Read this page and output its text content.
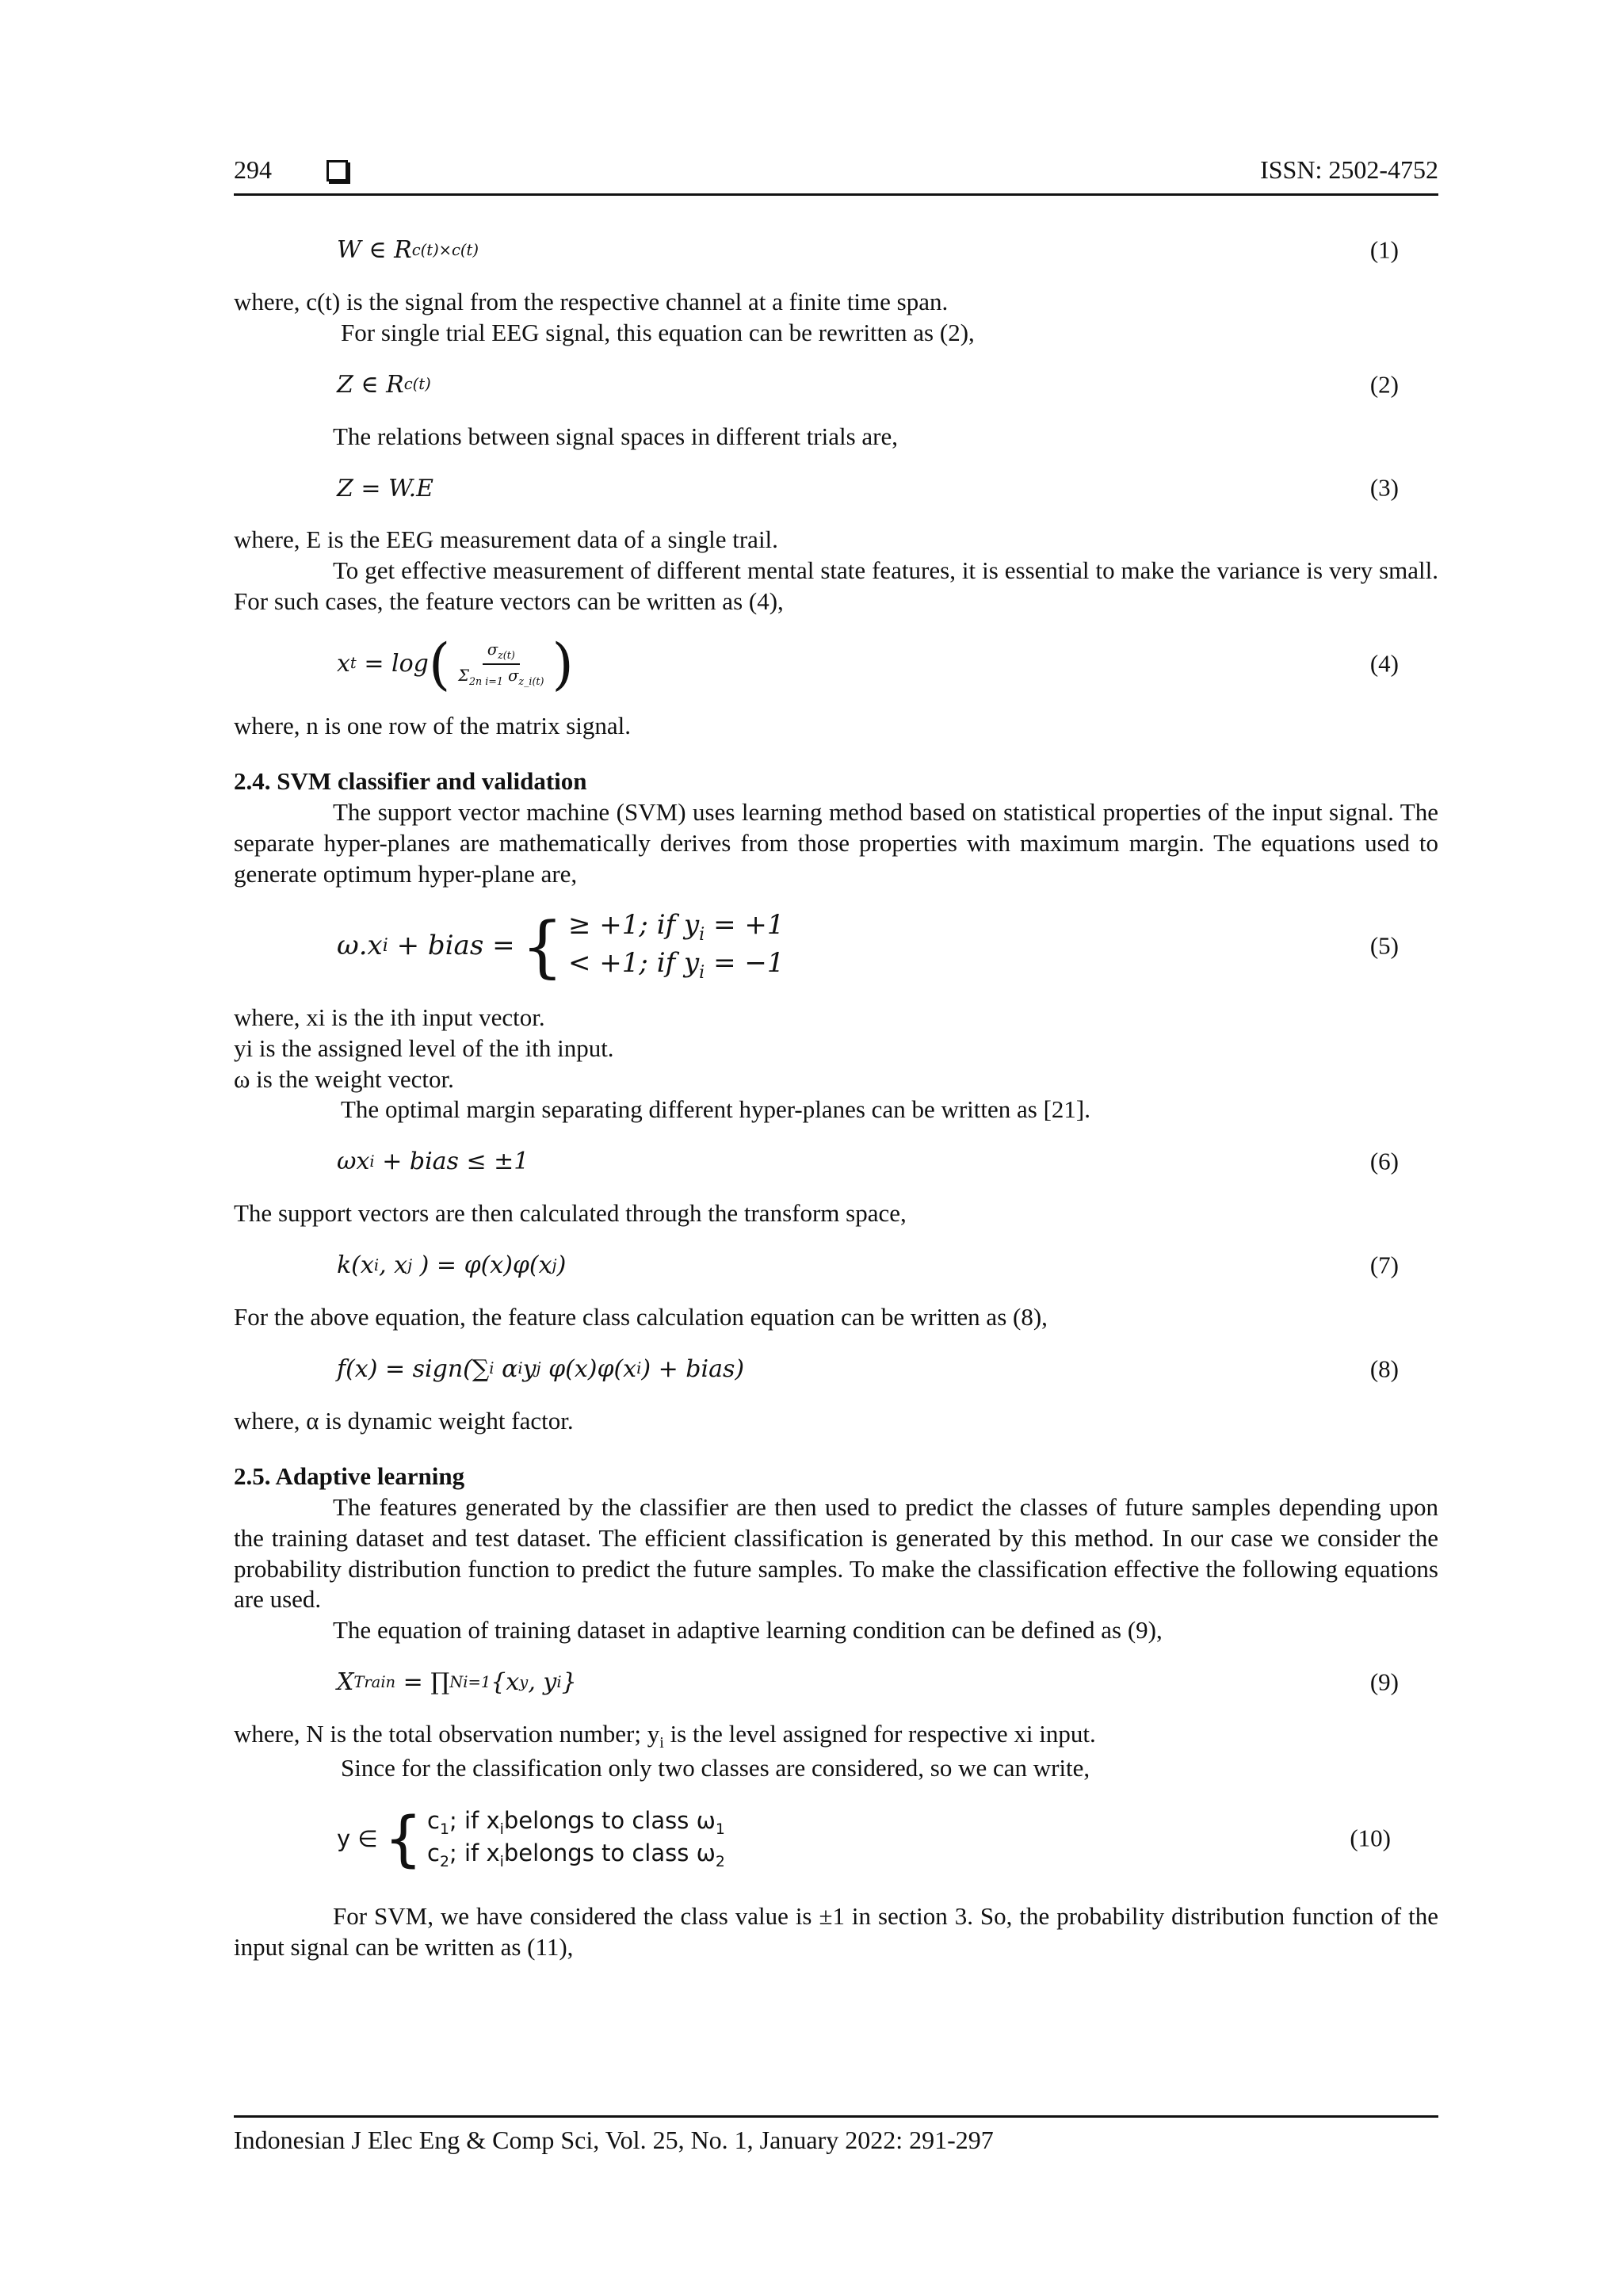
294	ISSN: 2502-4752
W ∈ R c(t)×c(t)	(1)

where, c(t) is the signal from the respective channel at a finite time span.

For single trial EEG signal, this equation can be rewritten as (2),

Z ∈ R c(t)	(2)

The relations between signal spaces in different trials are,

Z = W.E	(3)

where, E is the EEG measurement data of a single trail.

To get effective measurement of different mental state features, it is essential to make the variance is very small. For such cases, the feature vectors can be written as (4),

x t
= log ( $\frac{\sigma_{z(t)}}{\Sigma_{2n i=1} \sigma_{z\_i(t)}}$ )	(4)

where, n is one row of the matrix signal.

2.4. SVM classifier and validation

The support vector machine (SVM) uses learning method based on statistical properties of the input signal. The separate hyper-planes are mathematically derives from those properties with maximum margin. The equations used to generate optimum hyper-plane are,

ω.x i
+ bias = { ≥ +1; if $y_i = +1$
< +1; if $y_i = -1$
(5)

where, xi is the ith input vector.

yi is the assigned level of the ith input.

ω is the weight vector.

The optimal margin separating different hyper-planes can be written as [21].

ωx i
+ bias ≤ ±1	(6)

The support vectors are then calculated through the transform space,

k(x i , x j
) = φ(x)φ(x j )	(7)

For the above equation, the feature class calculation equation can be written as (8),

f(x) = sign(∑ i
α i y j
φ(x)φ(x i ) + bias)	(8)

where, α is dynamic weight factor.

2.5. Adaptive learning

The features generated by the classifier are then used to predict the classes of future samples depending upon the training dataset and test dataset. The efficient classification is generated by this method. In our case we consider the probability distribution function to predict the future samples. To make the classification effective the following equations are used.

The equation of training dataset in adaptive learning condition can be defined as (9),

X Train
= ∏ N i=1 {x y , y i }	(9)

where, N is the total observation number; $y_i$ is the level assigned for respective xi input.

Since for the classification only two classes are considered, so we can write,

y ∈ { $c_1$; if $x_ibelongs$ to class $\omega_1$
$c_2$; if $x_ibelongs$ to class $\omega_2$
(10)

For SVM, we have considered the class value is ±1 in section 3. So, the probability distribution function of the input signal can be written as (11),

Indonesian J Elec Eng & Comp Sci, Vol. 25, No. 1, January 2022: 291-297
